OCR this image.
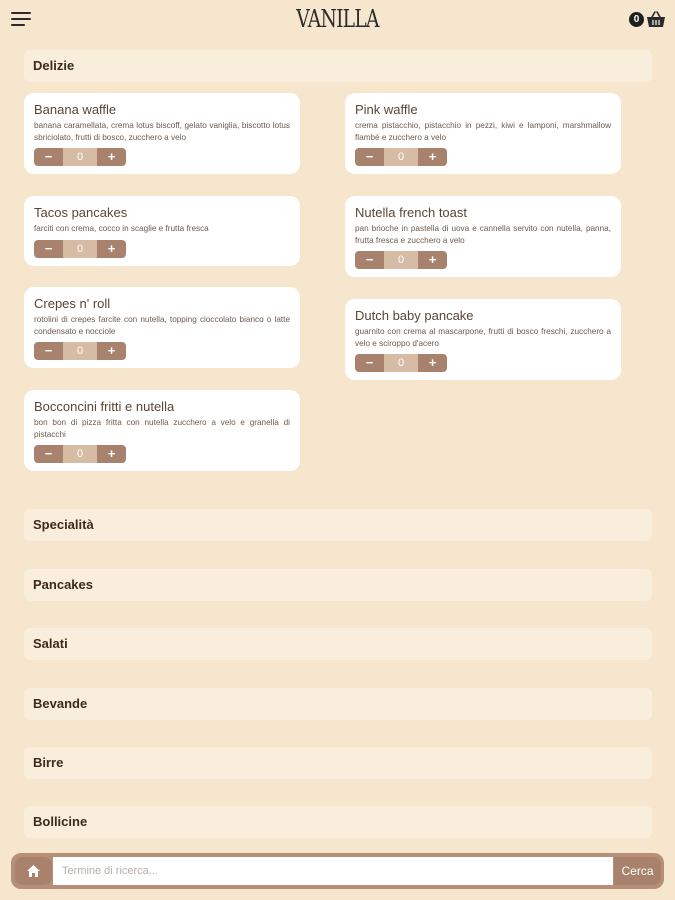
VANILLA	0
Delizie
Banana waffle
banana caramellata, crema lotus biscoff, gelato vaniglia, biscotto lotus sbriciolato, frutti di bosco, zucchero a velo
−	0	+
Pink waffle
crema pistacchio, pistacchio in pezzi, kiwi e lamponi, marshmallow flambé e zucchero a velo
−	0	+
Tacos pancakes
farciti con crema, cocco in scaglie e frutta fresca
−	0	+
Nutella french toast
pan brioche in pastella di uova e cannella servito con nutella, panna, frutta fresca e zucchero a velo
−	0	+
Crepes n' roll
rotolini di crepes farcite con nutella, topping cioccolato bianco o latte condensato e nocciole
−	0	+
Dutch baby pancake
guarnito con crema al mascarpone, frutti di bosco freschi, zucchero a velo e sciroppo d'acero
−	0	+
Bocconcini fritti e nutella
bon bon di pizza fritta con nutella zucchero a velo e granella di pistacchi
−	0	+
Specialità
Pancakes
Salati
Bevande
Birre
Bollicine
Termine di ricerca...
Cerca
